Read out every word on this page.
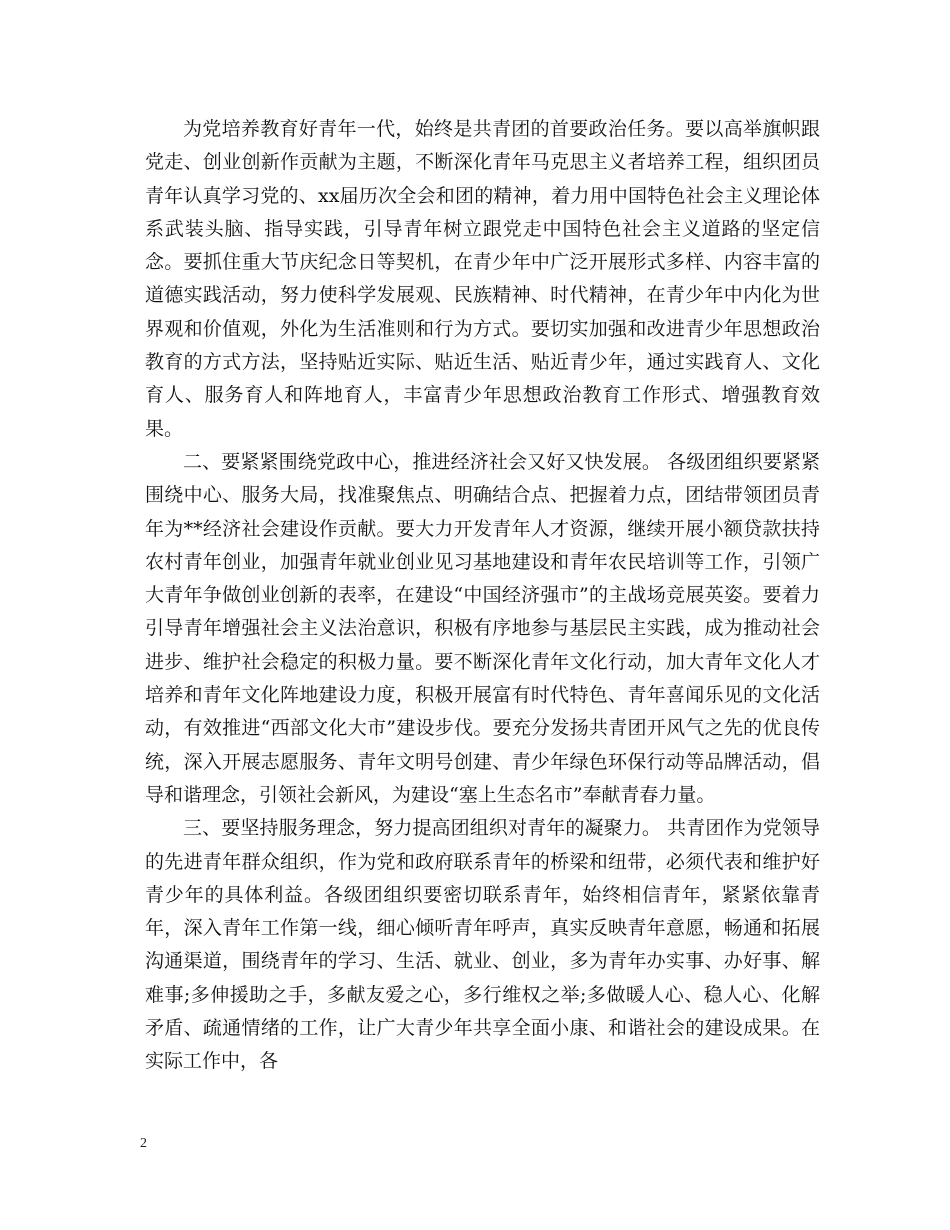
为党培养教育好青年一代，始终是共青团的首要政治任务。要以高举旗帜跟党走、创业创新作贡献为主题，不断深化青年马克思主义者培养工程，组织团员青年认真学习党的、xx届历次全会和团的精神，着力用中国特色社会主义理论体系武装头脑、指导实践，引导青年树立跟党走中国特色社会主义道路的坚定信念。要抓住重大节庆纪念日等契机，在青少年中广泛开展形式多样、内容丰富的道德实践活动，努力使科学发展观、民族精神、时代精神，在青少年中内化为世界观和价值观，外化为生活准则和行为方式。要切实加强和改进青少年思想政治教育的方式方法，坚持贴近实际、贴近生活、贴近青少年，通过实践育人、文化育人、服务育人和阵地育人，丰富青少年思想政治教育工作形式、增强教育效果。

二、要紧紧围绕党政中心，推进经济社会又好又快发展。 各级团组织要紧紧围绕中心、服务大局，找准聚焦点、明确结合点、把握着力点，团结带领团员青年为**经济社会建设作贡献。要大力开发青年人才资源，继续开展小额贷款扶持农村青年创业，加强青年就业创业见习基地建设和青年农民培训等工作，引领广大青年争做创业创新的表率，在建设“中国经济强市”的主战场竞展英姿。要着力引导青年增强社会主义法治意识，积极有序地参与基层民主实践，成为推动社会进步、维护社会稳定的积极力量。要不断深化青年文化行动，加大青年文化人才培养和青年文化阵地建设力度，积极开展富有时代特色、青年喜闻乐见的文化活动，有效推进“西部文化大市”建设步伐。要充分发扬共青团开风气之先的优良传统，深入开展志愿服务、青年文明号创建、青少年绿色环保行动等品牌活动，倡导和谐理念，引领社会新风，为建设“塞上生态名市”奉献青春力量。

三、要坚持服务理念，努力提高团组织对青年的凝聚力。 共青团作为党领导的先进青年群众组织，作为党和政府联系青年的桥梁和纽带，必须代表和维护好青少年的具体利益。各级团组织要密切联系青年，始终相信青年，紧紧依靠青年，深入青年工作第一线，细心倾听青年呼声，真实反映青年意愿，畅通和拓展沟通渠道，围绕青年的学习、生活、就业、创业，多为青年办实事、办好事、解难事;多伸援助之手，多献友爱之心，多行维权之举;多做暖人心、稳人心、化解矛盾、疏通情绪的工作，让广大青少年共享全面小康、和谐社会的建设成果。在实际工作中，各

2
